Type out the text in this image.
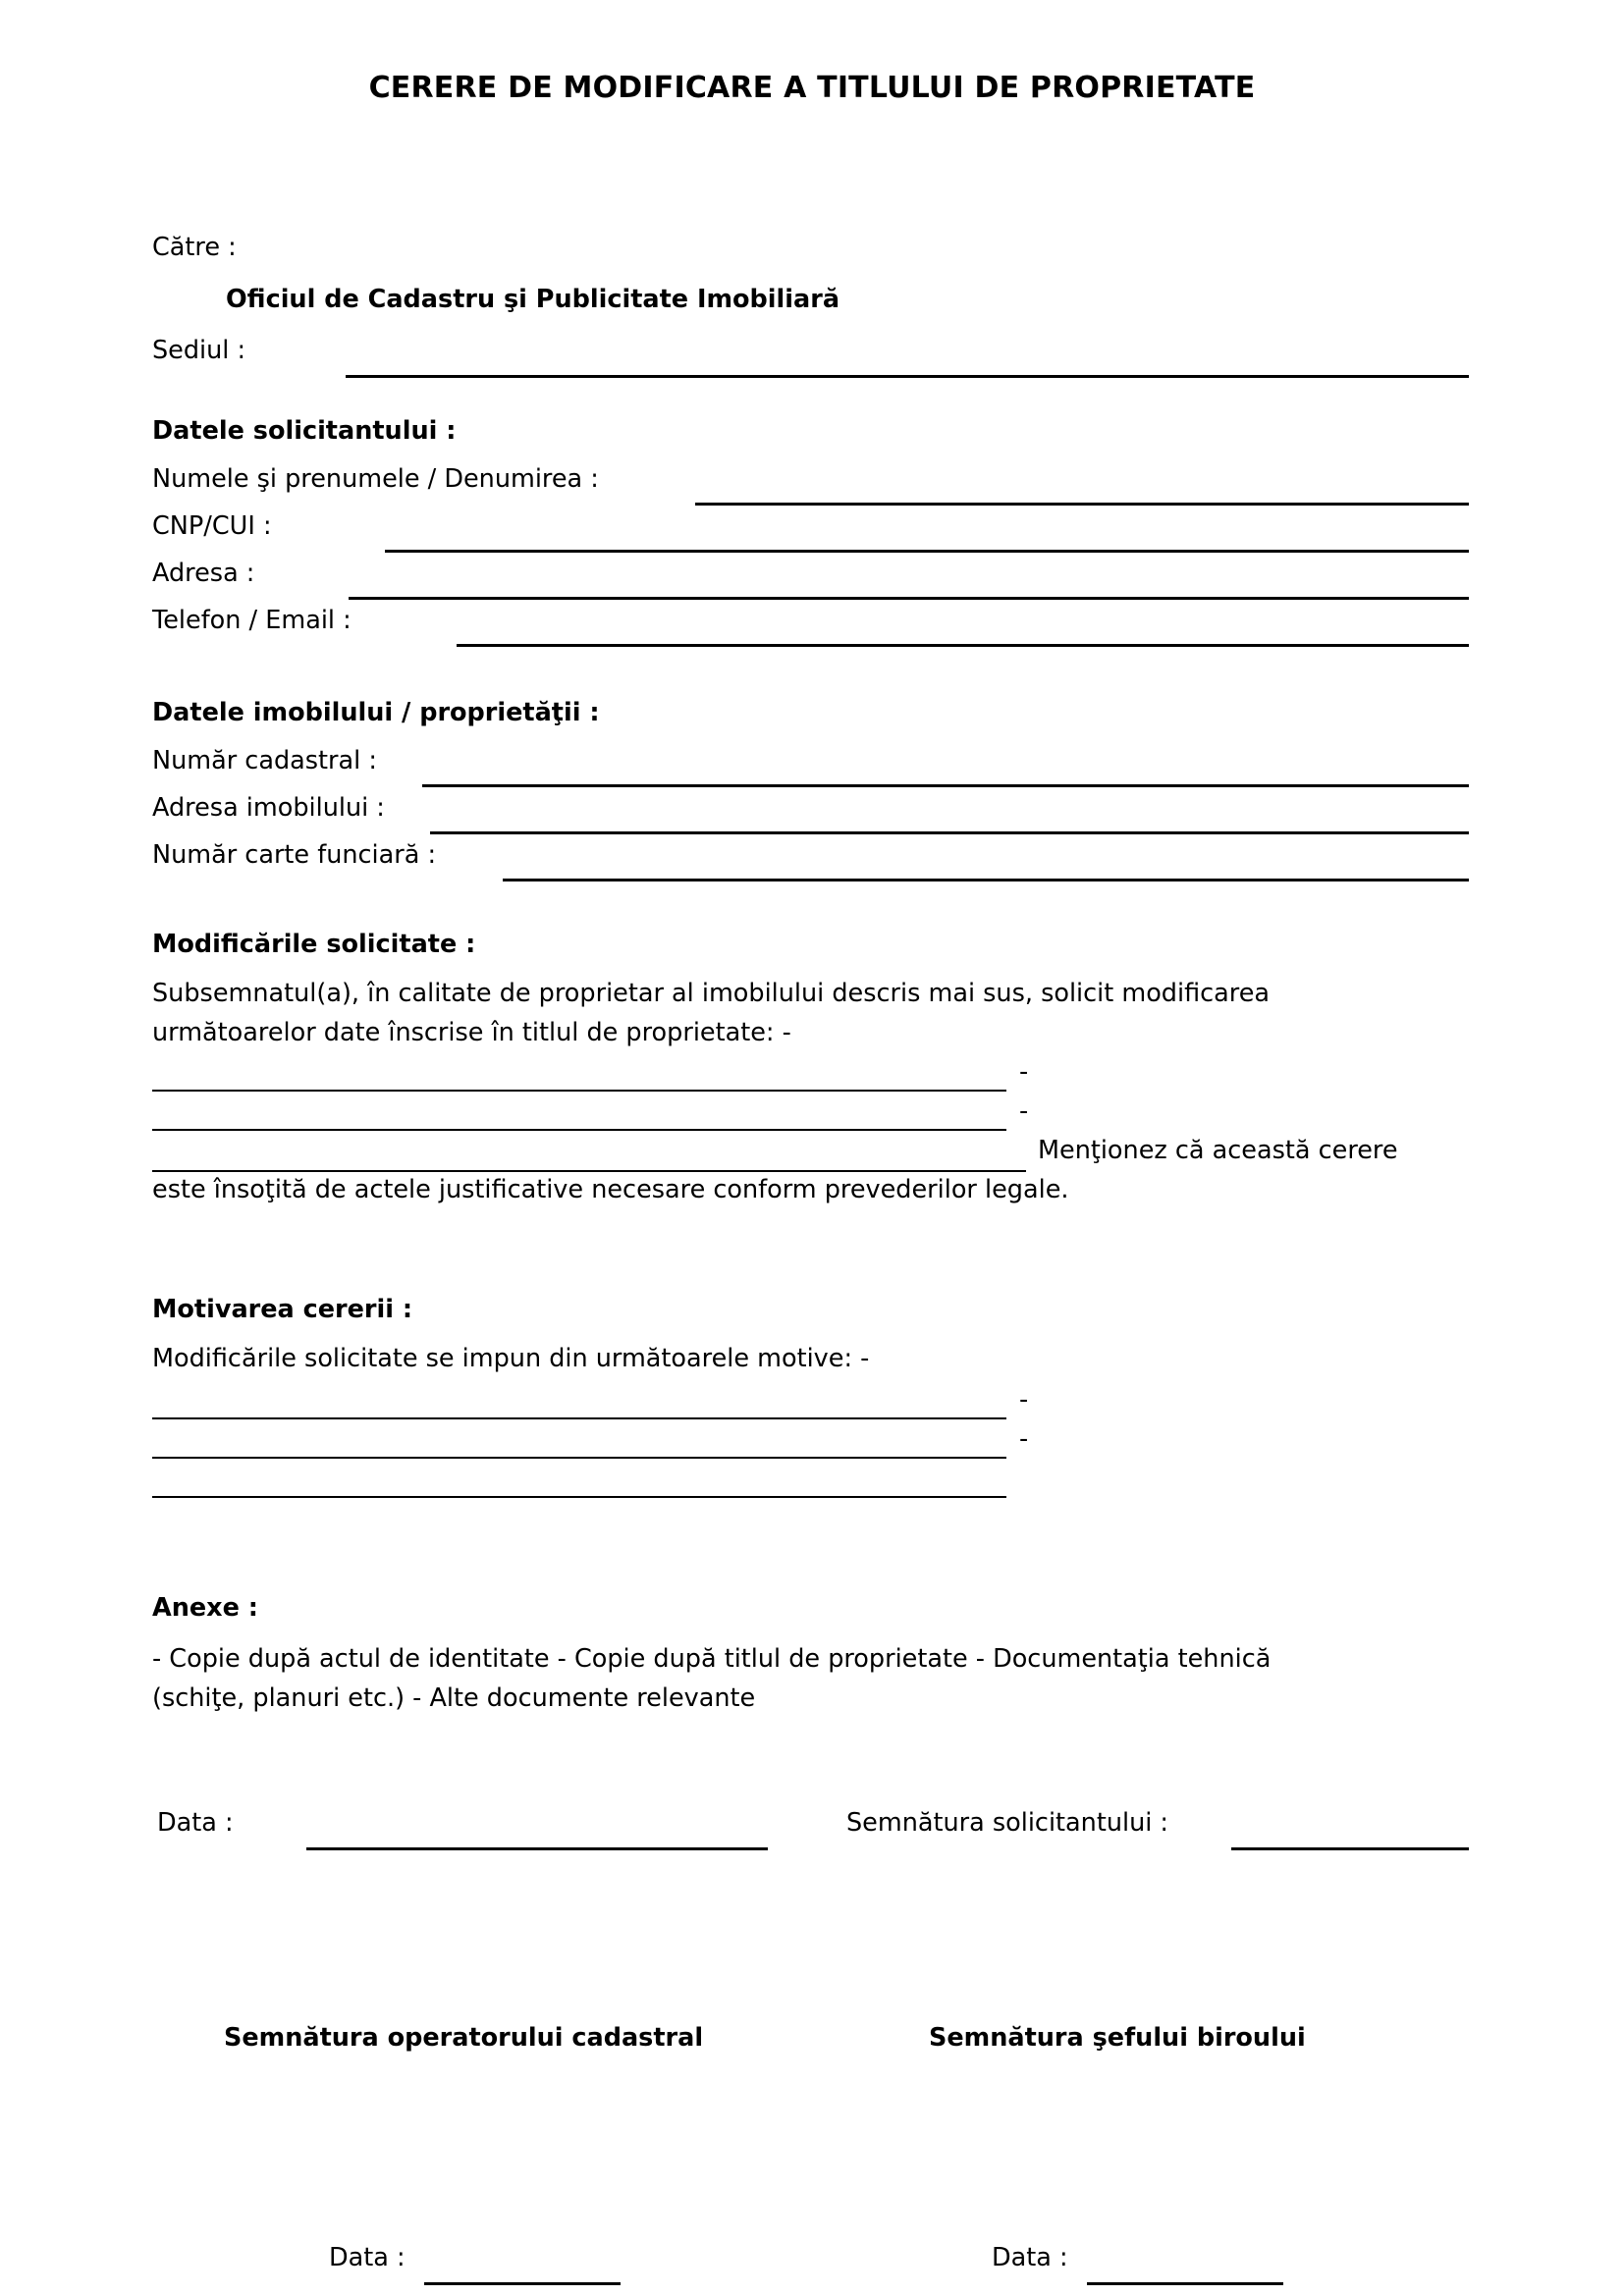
CERERE DE MODIFICARE A TITLULUI DE PROPRIETATE
Către :
Oficiul de Cadastru şi Publicitate Imobiliară
Sediul :
Datele solicitantului :
Numele şi prenumele / Denumirea :
CNP/CUI :
Adresa :
Telefon / Email :
Datele imobilului / proprietăţii :
Număr cadastral :
Adresa imobilului :
Număr carte funciară :
Modificările solicitate :
Subsemnatul(a), în calitate de proprietar al imobilului descris mai sus, solicit modificarea
următoarelor date înscrise în titlul de proprietate: -
-
-
Menţionez că această cerere
este însoţită de actele justificative necesare conform prevederilor legale.
Motivarea cererii :
Modificările solicitate se impun din următoarele motive: -
-
-
Anexe :
- Copie după actul de identitate - Copie după titlul de proprietate - Documentaţia tehnică
(schiţe, planuri etc.) - Alte documente relevante
Data :	Semnătura solicitantului :
Semnătura operatorului cadastral	Semnătura şefului biroului
Data :	Data :
